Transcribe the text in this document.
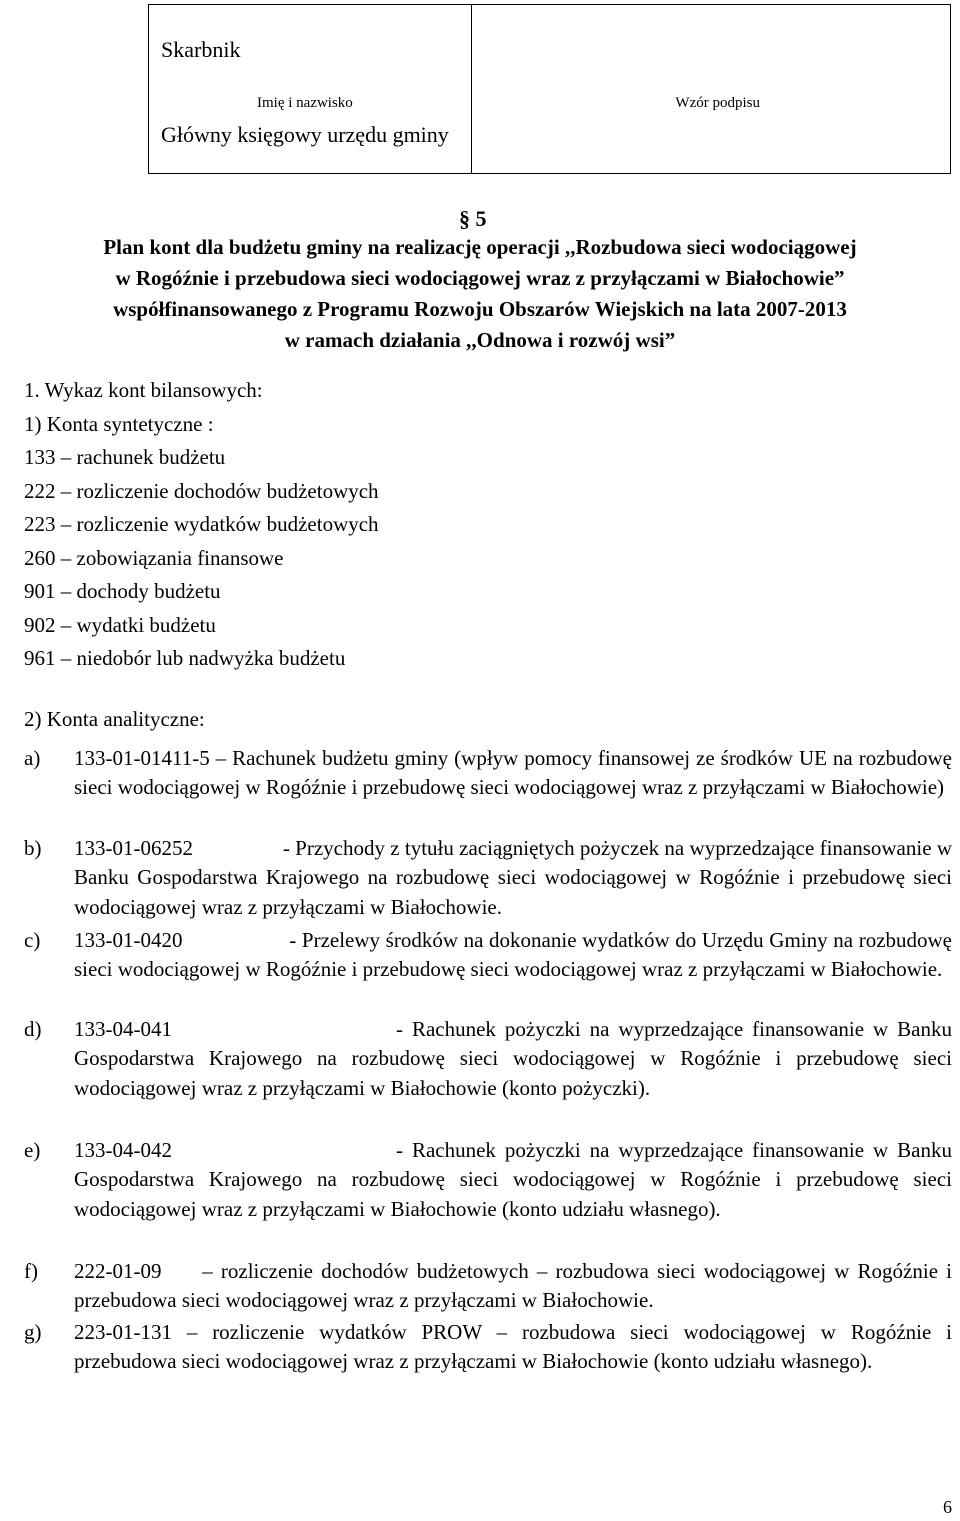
Skarbnik
Imię i nazwisko
Główny księgowy urzędu gminy

Wzór podpisu
§ 5
Plan kont dla budżetu gminy na realizację operacji ,,Rozbudowa sieci wodociągowej
w Rogóźnie i przebudowa sieci wodociągowej wraz z przyłączami w Białochowie”
współfinansowanego z Programu Rozwoju Obszarów Wiejskich na lata 2007-2013
w ramach działania ,,Odnowa i rozwój wsi”
1. Wykaz kont bilansowych:
1) Konta syntetyczne :
133 – rachunek budżetu
222 – rozliczenie dochodów budżetowych
223 – rozliczenie wydatków budżetowych
260 – zobowiązania finansowe
901 – dochody budżetu
902 – wydatki budżetu
961 – niedobór lub nadwyżka budżetu
2) Konta analityczne:
a) 133-01-01411-5 – Rachunek budżetu gminy (wpływ pomocy finansowej ze środków UE na rozbudowę sieci wodociągowej w Rogóźnie i przebudowę sieci wodociągowej wraz z przyłączami w Białochowie)
b) 133-01-06252                 - Przychody z tytułu zaciągniętych pożyczek na wyprzedzające finansowanie w Banku Gospodarstwa Krajowego na rozbudowę sieci wodociągowej w Rogóźnie i przebudowę sieci wodociągowej wraz z przyłączami w Białochowie.
c) 133-01-0420                   - Przelewy środków na dokonanie wydatków do Urzędu Gminy na rozbudowę sieci wodociągowej w Rogóźnie i przebudowę sieci wodociągowej wraz z przyłączami w Białochowie.
d) 133-04-041                         - Rachunek pożyczki na wyprzedzające finansowanie w Banku Gospodarstwa Krajowego na rozbudowę sieci wodociągowej w Rogóźnie i przebudowę sieci wodociągowej wraz z przyłączami w Białochowie (konto pożyczki).
e) 133-04-042                         - Rachunek pożyczki na wyprzedzające finansowanie w Banku Gospodarstwa Krajowego na rozbudowę sieci wodociągowej w Rogóźnie i przebudowę sieci wodociągowej wraz z przyłączami w Białochowie (konto udziału własnego).
f) 222-01-09     – rozliczenie dochodów budżetowych – rozbudowa sieci wodociągowej w Rogóźnie i przebudowa sieci wodociągowej wraz z przyłączami w Białochowie.
g) 223-01-131 – rozliczenie wydatków PROW – rozbudowa sieci wodociągowej w Rogóźnie i przebudowa sieci wodociągowej wraz z przyłączami w Białochowie (konto udziału własnego).
6
